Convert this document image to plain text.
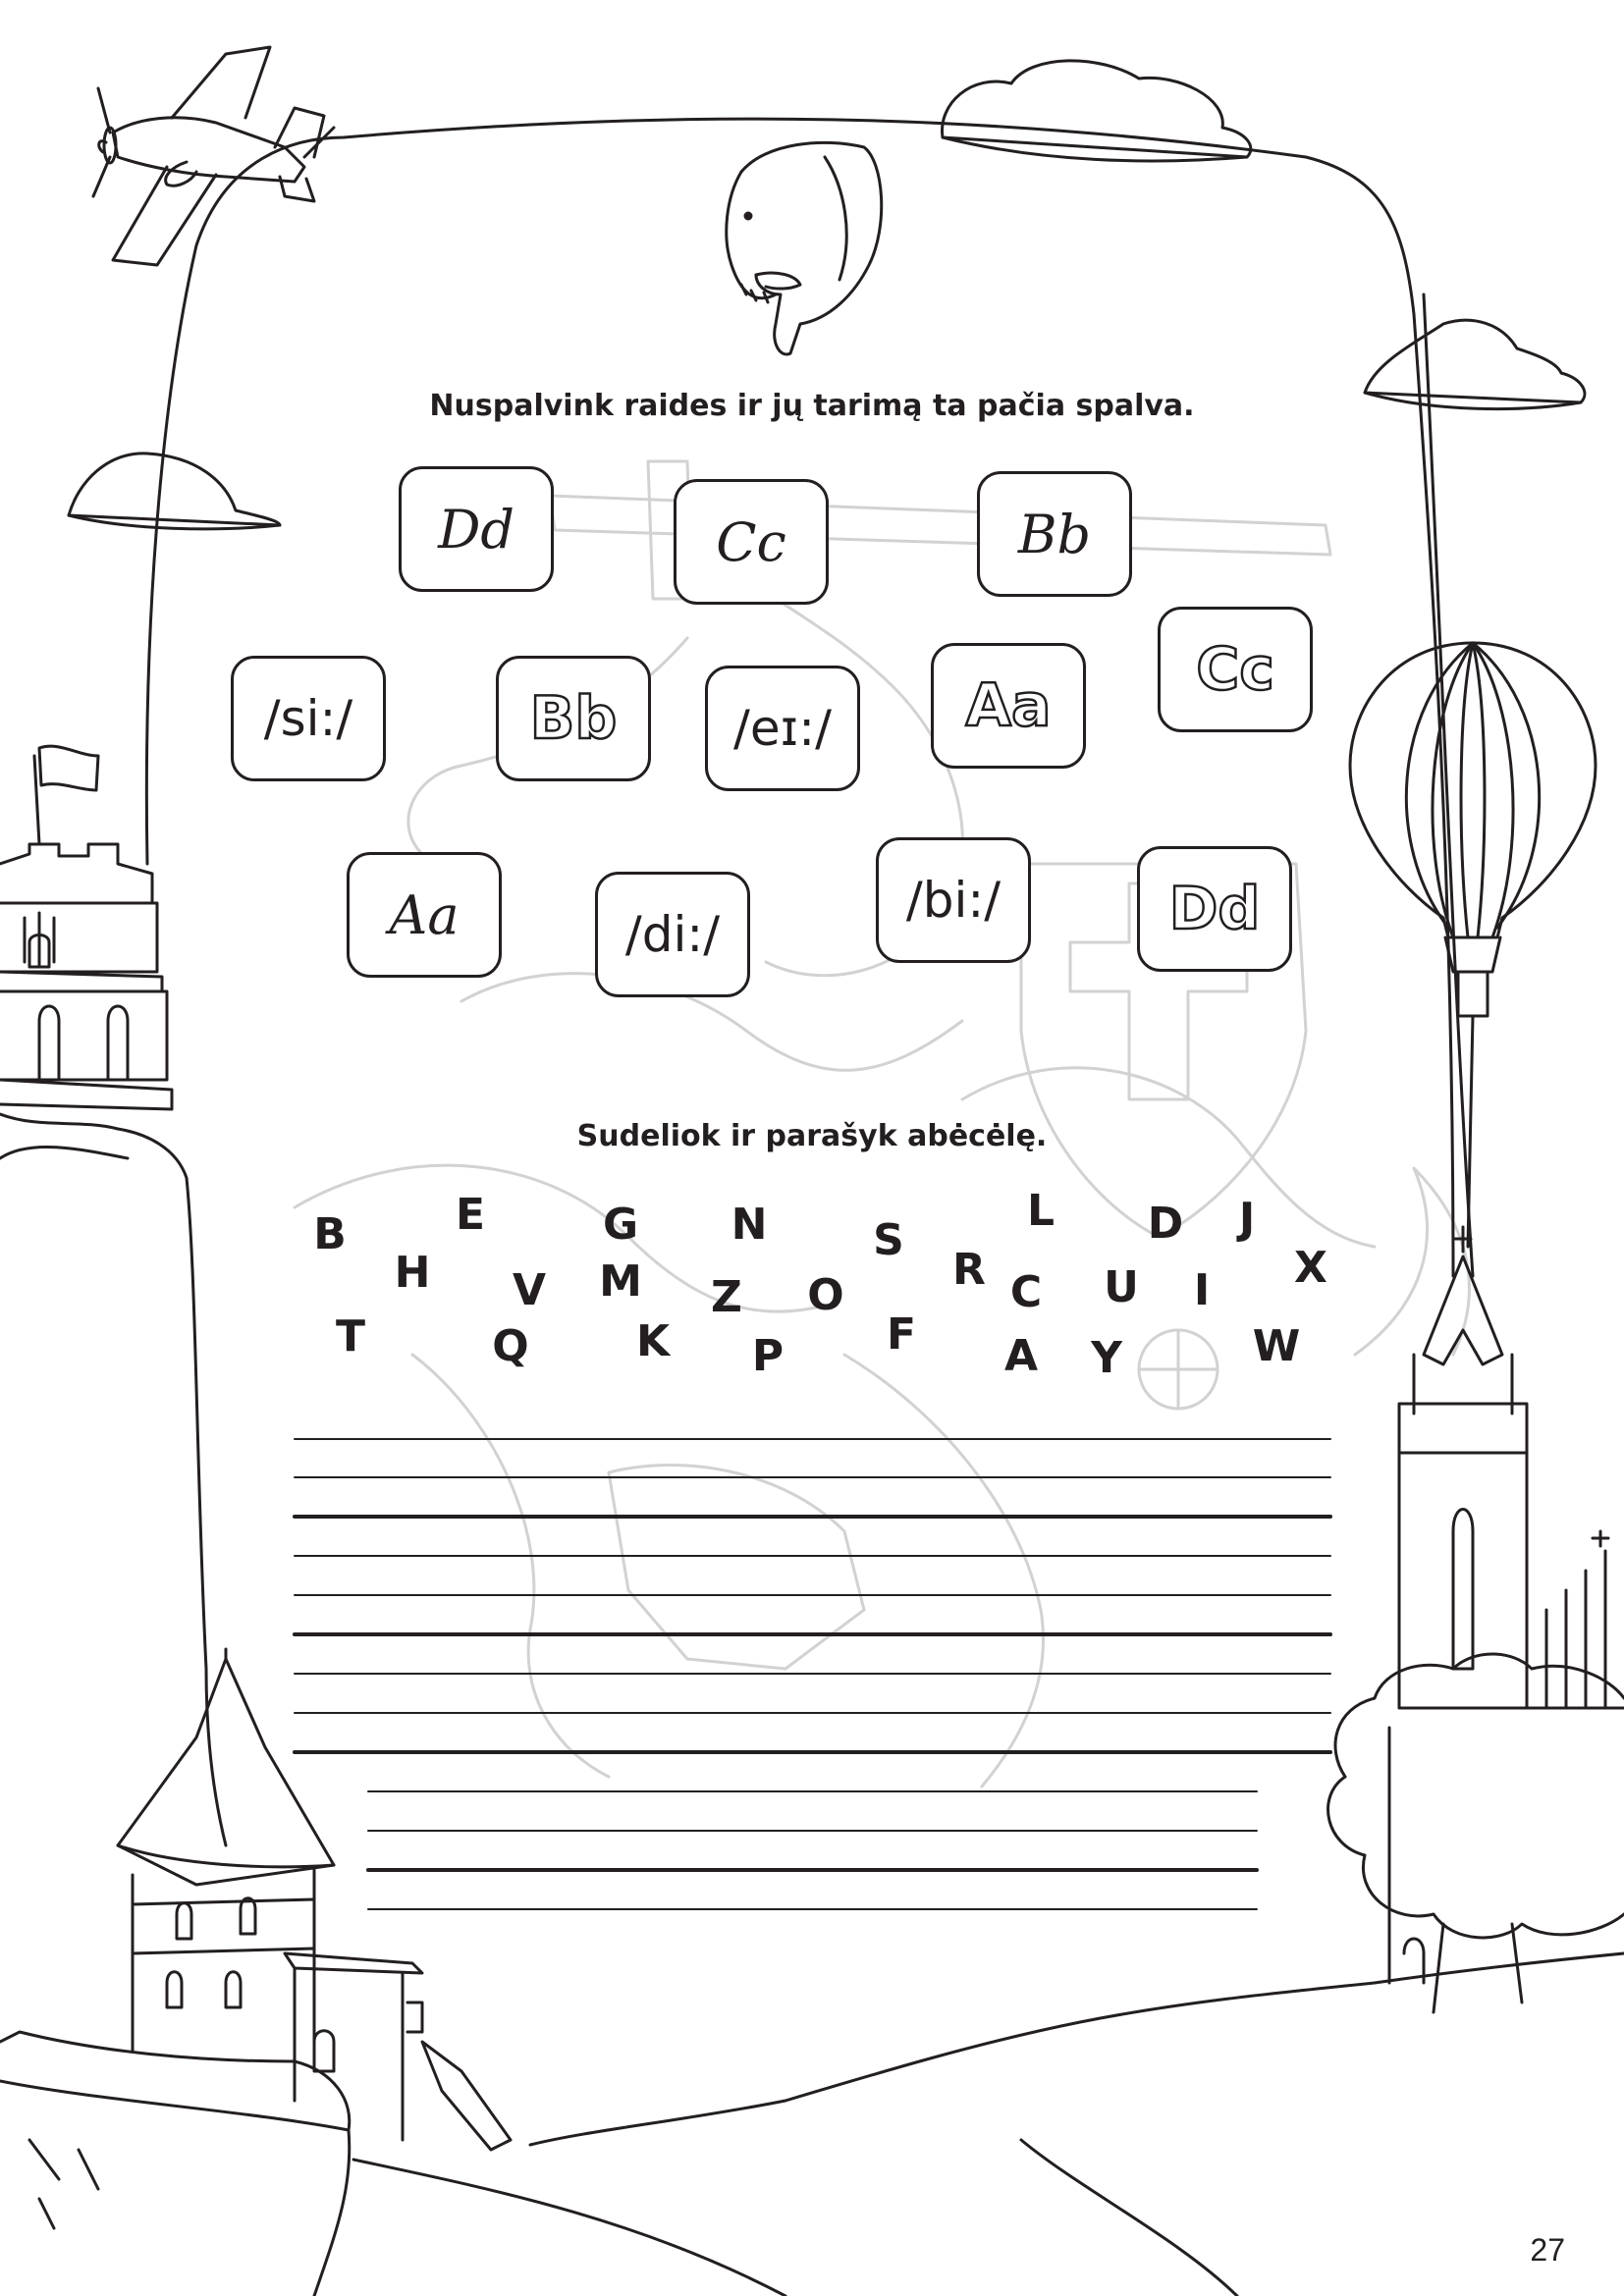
Nuspalvink raides ir jų tarimą ta pačia spalva.
Sudeliok ir parašyk abėcėlę.
Dd	Cc	Bb
/si:/	Bb /eɪ:/ Aa
Cc
Aa	/di:/
/bi:/	Dd
B	E	G N S
L D J
H V M Z O
R C U I X
T	Q K P F A Y	W
27
